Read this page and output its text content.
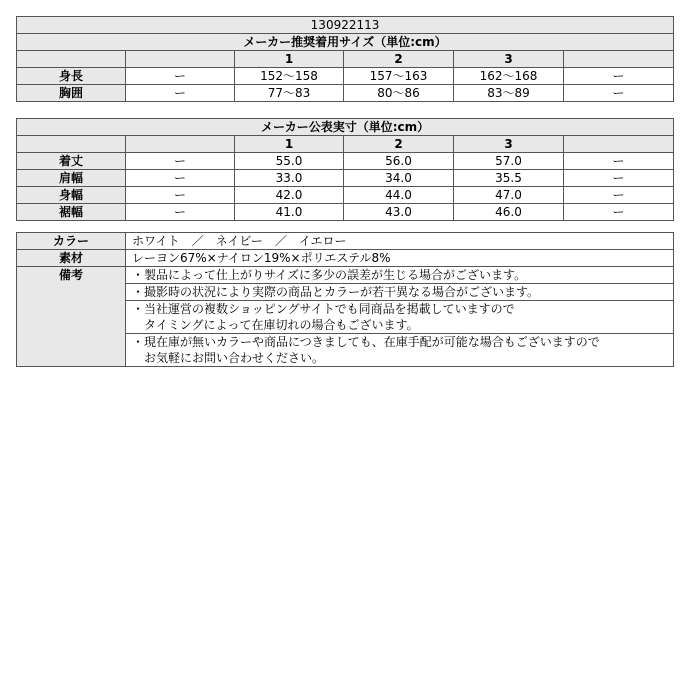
130922113					
メーカー推奨着用サイズ（単位:cm）					
		1	2	3	
身長	ー	152〜158	157〜163	162〜168	ー
胸囲	ー	77〜83	80〜86	83〜89	ー
メーカー公表実寸（単位:cm）					
		1	2	3	
着丈	ー	55.0	56.0	57.0	ー
肩幅	ー	33.0	34.0	35.5	ー
身幅	ー	42.0	44.0	47.0	ー
裾幅	ー	41.0	43.0	46.0	ー
カラー	ホワイト　／　ネイビー　／　イエロー
素材	レーヨン67%×ナイロン19%×ポリエステル8%
備考	・製品によって仕上がりサイズに多少の誤差が生じる場合がございます。
	・撮影時の状況により実際の商品とカラーが若干異なる場合がございます。

	・当社運営の複数ショッピングサイトでも同商品を掲載していますので
　タイミングによって在庫切れの場合もございます。

	・現在庫が無いカラーや商品につきましても、在庫手配が可能な場合もございますので
　お気軽にお問い合わせください。
